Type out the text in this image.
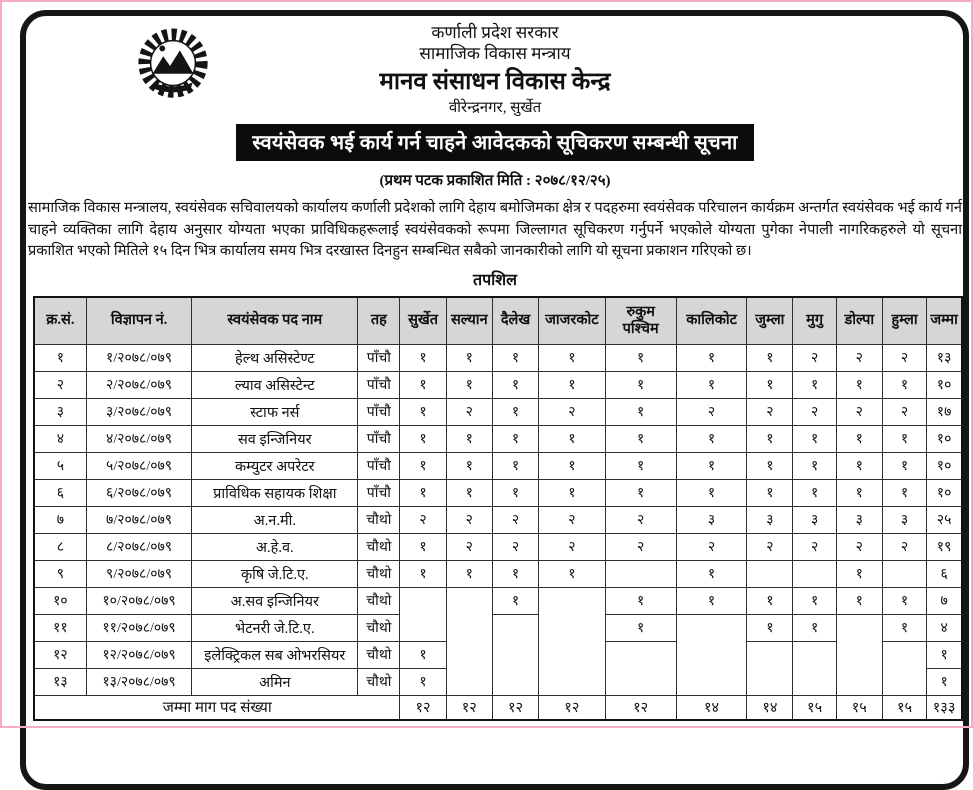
कर्णाली प्रदेश सरकार
सामाजिक विकास मन्त्राय
मानव संसाधन विकास केन्द्र
वीरेन्द्रनगर, सुर्खेत
स्वयंसेवक भई कार्य गर्न चाहने आवेदकको सूचिकरण सम्बन्धी सूचना
(प्रथम पटक प्रकाशित मिति : २०७८/१२/२५)
सामाजिक विकास मन्त्रालय, स्वयंसेवक सचिवालयको कार्यालय कर्णाली प्रदेशको लागि देहाय बमोजिमका क्षेत्र र पदहरुमा स्वयंसेवक परिचालन कार्यक्रम अन्तर्गत स्वयंसेवक भई कार्य गर्न चाहने व्यक्तिका लागि देहाय अनुसार योग्यता भएका प्राविधिकहरूलाई स्वयंसेवकको रूपमा जिल्लागत सूचिकरण गर्नुपर्ने भएकोले योग्यता पुगेका नेपाली नागरिकहरुले यो सूचना प्रकाशित भएको मितिले १५ दिन भित्र कार्यालय समय भित्र दरखास्त दिनहुन सम्बन्धित सबैको जानकारीको लागि यो सूचना प्रकाशन गरिएको छ।
तपशिल
क्र.सं.	विज्ञापन नं.	स्वयंसेवक पद नाम	तह	सुर्खेत	सल्यान	दैलेख	जाजरकोट	रुकुम पश्चिम	कालिकोट	जुम्ला	मुगु	डोल्पा	हुम्ला	जम्मा
१	१/२०७८/०७९	हेल्थ असिस्टेण्ट	पाँचौ	१	१	१	१	१	१	१	२	२	२	१३
२	२/२०७८/०७९	ल्याव असिस्टेन्ट	पाँचौ	१	१	१	१	१	१	१	१	१	१	१०
३	३/२०७८/०७९	स्टाफ नर्स	पाँचौ	१	२	१	२	१	२	२	२	२	२	१७
४	४/२०७८/०७९	सव इन्जिनियर	पाँचौ	१	१	१	१	१	१	१	१	१	१	१०
५	५/२०७८/०७९	कम्युटर अपरेटर	पाँचौ	१	१	१	१	१	१	१	१	१	१	१०
६	६/२०७८/०७९	प्राविधिक सहायक शिक्षा	पाँचौ	१	१	१	१	१	१	१	१	१	१	१०
७	७/२०७८/०७९	अ.न.मी.	चौथो	२	२	२	२	२	३	३	३	३	३	२५
८	८/२०७८/०७९	अ.हे.व.	चौथो	१	२	२	२	२	२	२	२	२	२	१९
९	९/२०७८/०७९	कृषि जे.टि.ए.	चौथो	१	१	१	१		१			१		६
१०	१०/२०७८/०७९	अ.सव इन्जिनियर	चौथो			१		१	१	१	१	१	१	७
११	११/२०७८/०७९	भेटनरी जे.टि.ए.	चौथो					१		१	१		१	४
१२	१२/२०७८/०७९	इलेक्ट्रिकल सब ओभरसियर	चौथो	१										१
१३	१३/२०७८/०७९	अमिन	चौथो	१										१
जम्मा माग पद संख्या				१२	१२	१२	१२	१२	१४	१४	१५	१५	१५	१३३
